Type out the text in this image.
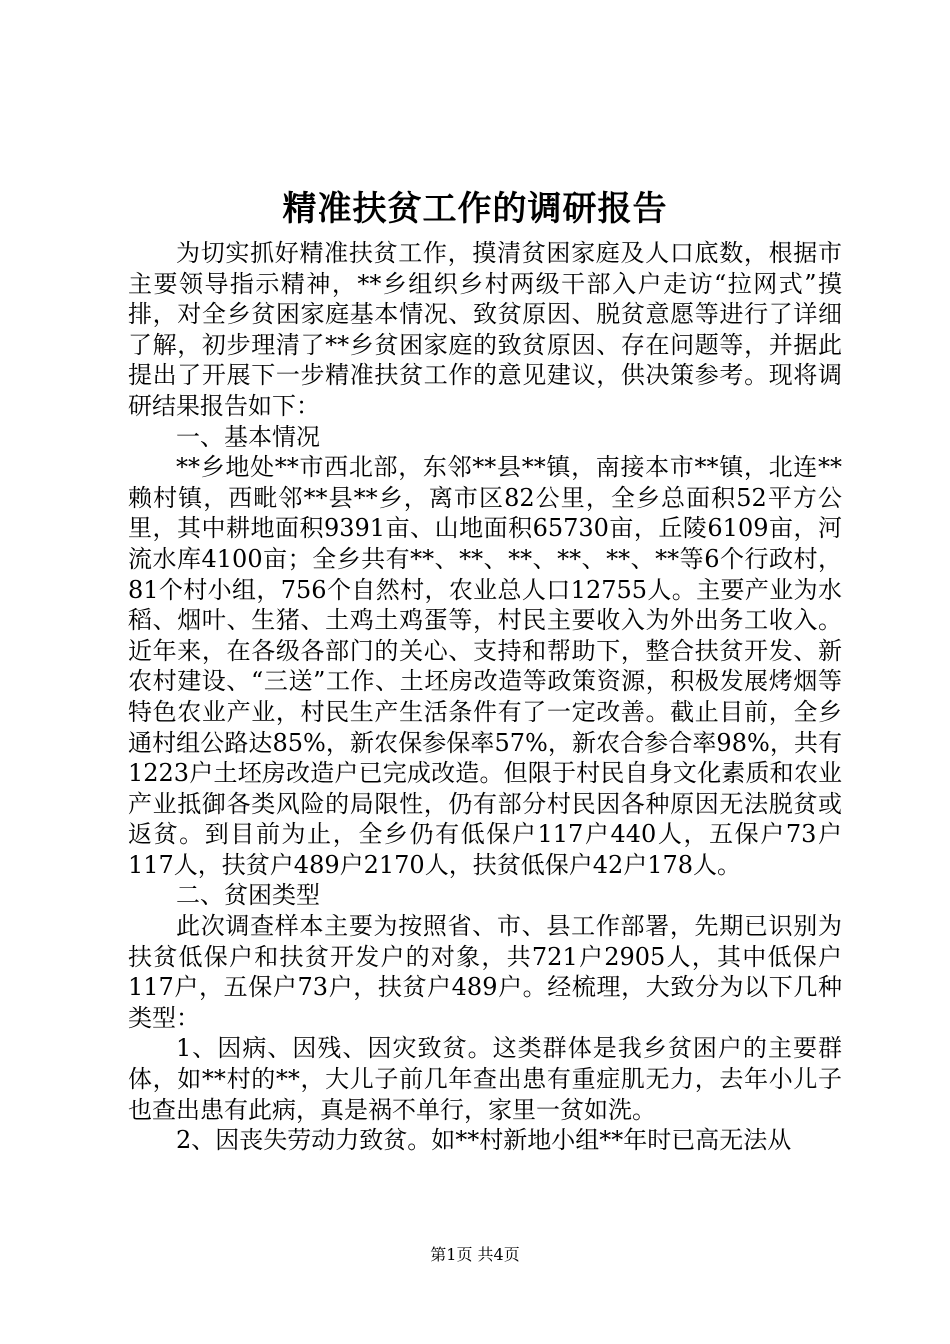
精准扶贫工作的调研报告

为切实抓好精准扶贫工作，摸清贫困家庭及人口底数，根据市主要领导指示精神，**乡组织乡村两级干部入户走访“拉网式”摸排，对全乡贫困家庭基本情况、致贫原因、脱贫意愿等进行了详细了解，初步理清了**乡贫困家庭的致贫原因、存在问题等，并据此提出了开展下一步精准扶贫工作的意见建议，供决策参考。现将调研结果报告如下：

一、基本情况

**乡地处**市西北部，东邻**县**镇，南接本市**镇，北连**赖村镇，西毗邻**县**乡，离市区82公里，全乡总面积52平方公里，其中耕地面积9391亩、山地面积65730亩，丘陵6109亩，河流水库4100亩；全乡共有**、**、**、**、**、**等6个行政村，81个村小组，756个自然村，农业总人口12755人。主要产业为水稻、烟叶、生猪、土鸡土鸡蛋等，村民主要收入为外出务工收入。近年来，在各级各部门的关心、支持和帮助下，整合扶贫开发、新农村建设、“三送”工作、土坯房改造等政策资源，积极发展烤烟等特色农业产业，村民生产生活条件有了一定改善。截止目前，全乡通村组公路达85%，新农保参保率57%，新农合参合率98%，共有1223户土坯房改造户已完成改造。但限于村民自身文化素质和农业产业抵御各类风险的局限性，仍有部分村民因各种原因无法脱贫或返贫。到目前为止，全乡仍有低保户117户440人，五保户73户117人，扶贫户489户2170人，扶贫低保户42户178人。

二、贫困类型

此次调查样本主要为按照省、市、县工作部署，先期已识别为扶贫低保户和扶贫开发户的对象，共721户2905人，其中低保户117户，五保户73户，扶贫户489户。经梳理，大致分为以下几种类型：

1、因病、因残、因灾致贫。这类群体是我乡贫困户的主要群体，如**村的**，大儿子前几年查出患有重症肌无力，去年小儿子也查出患有此病，真是祸不单行，家里一贫如洗。

2、因丧失劳动力致贫。如**村新地小组**年时已高无法从

第1页 共4页
